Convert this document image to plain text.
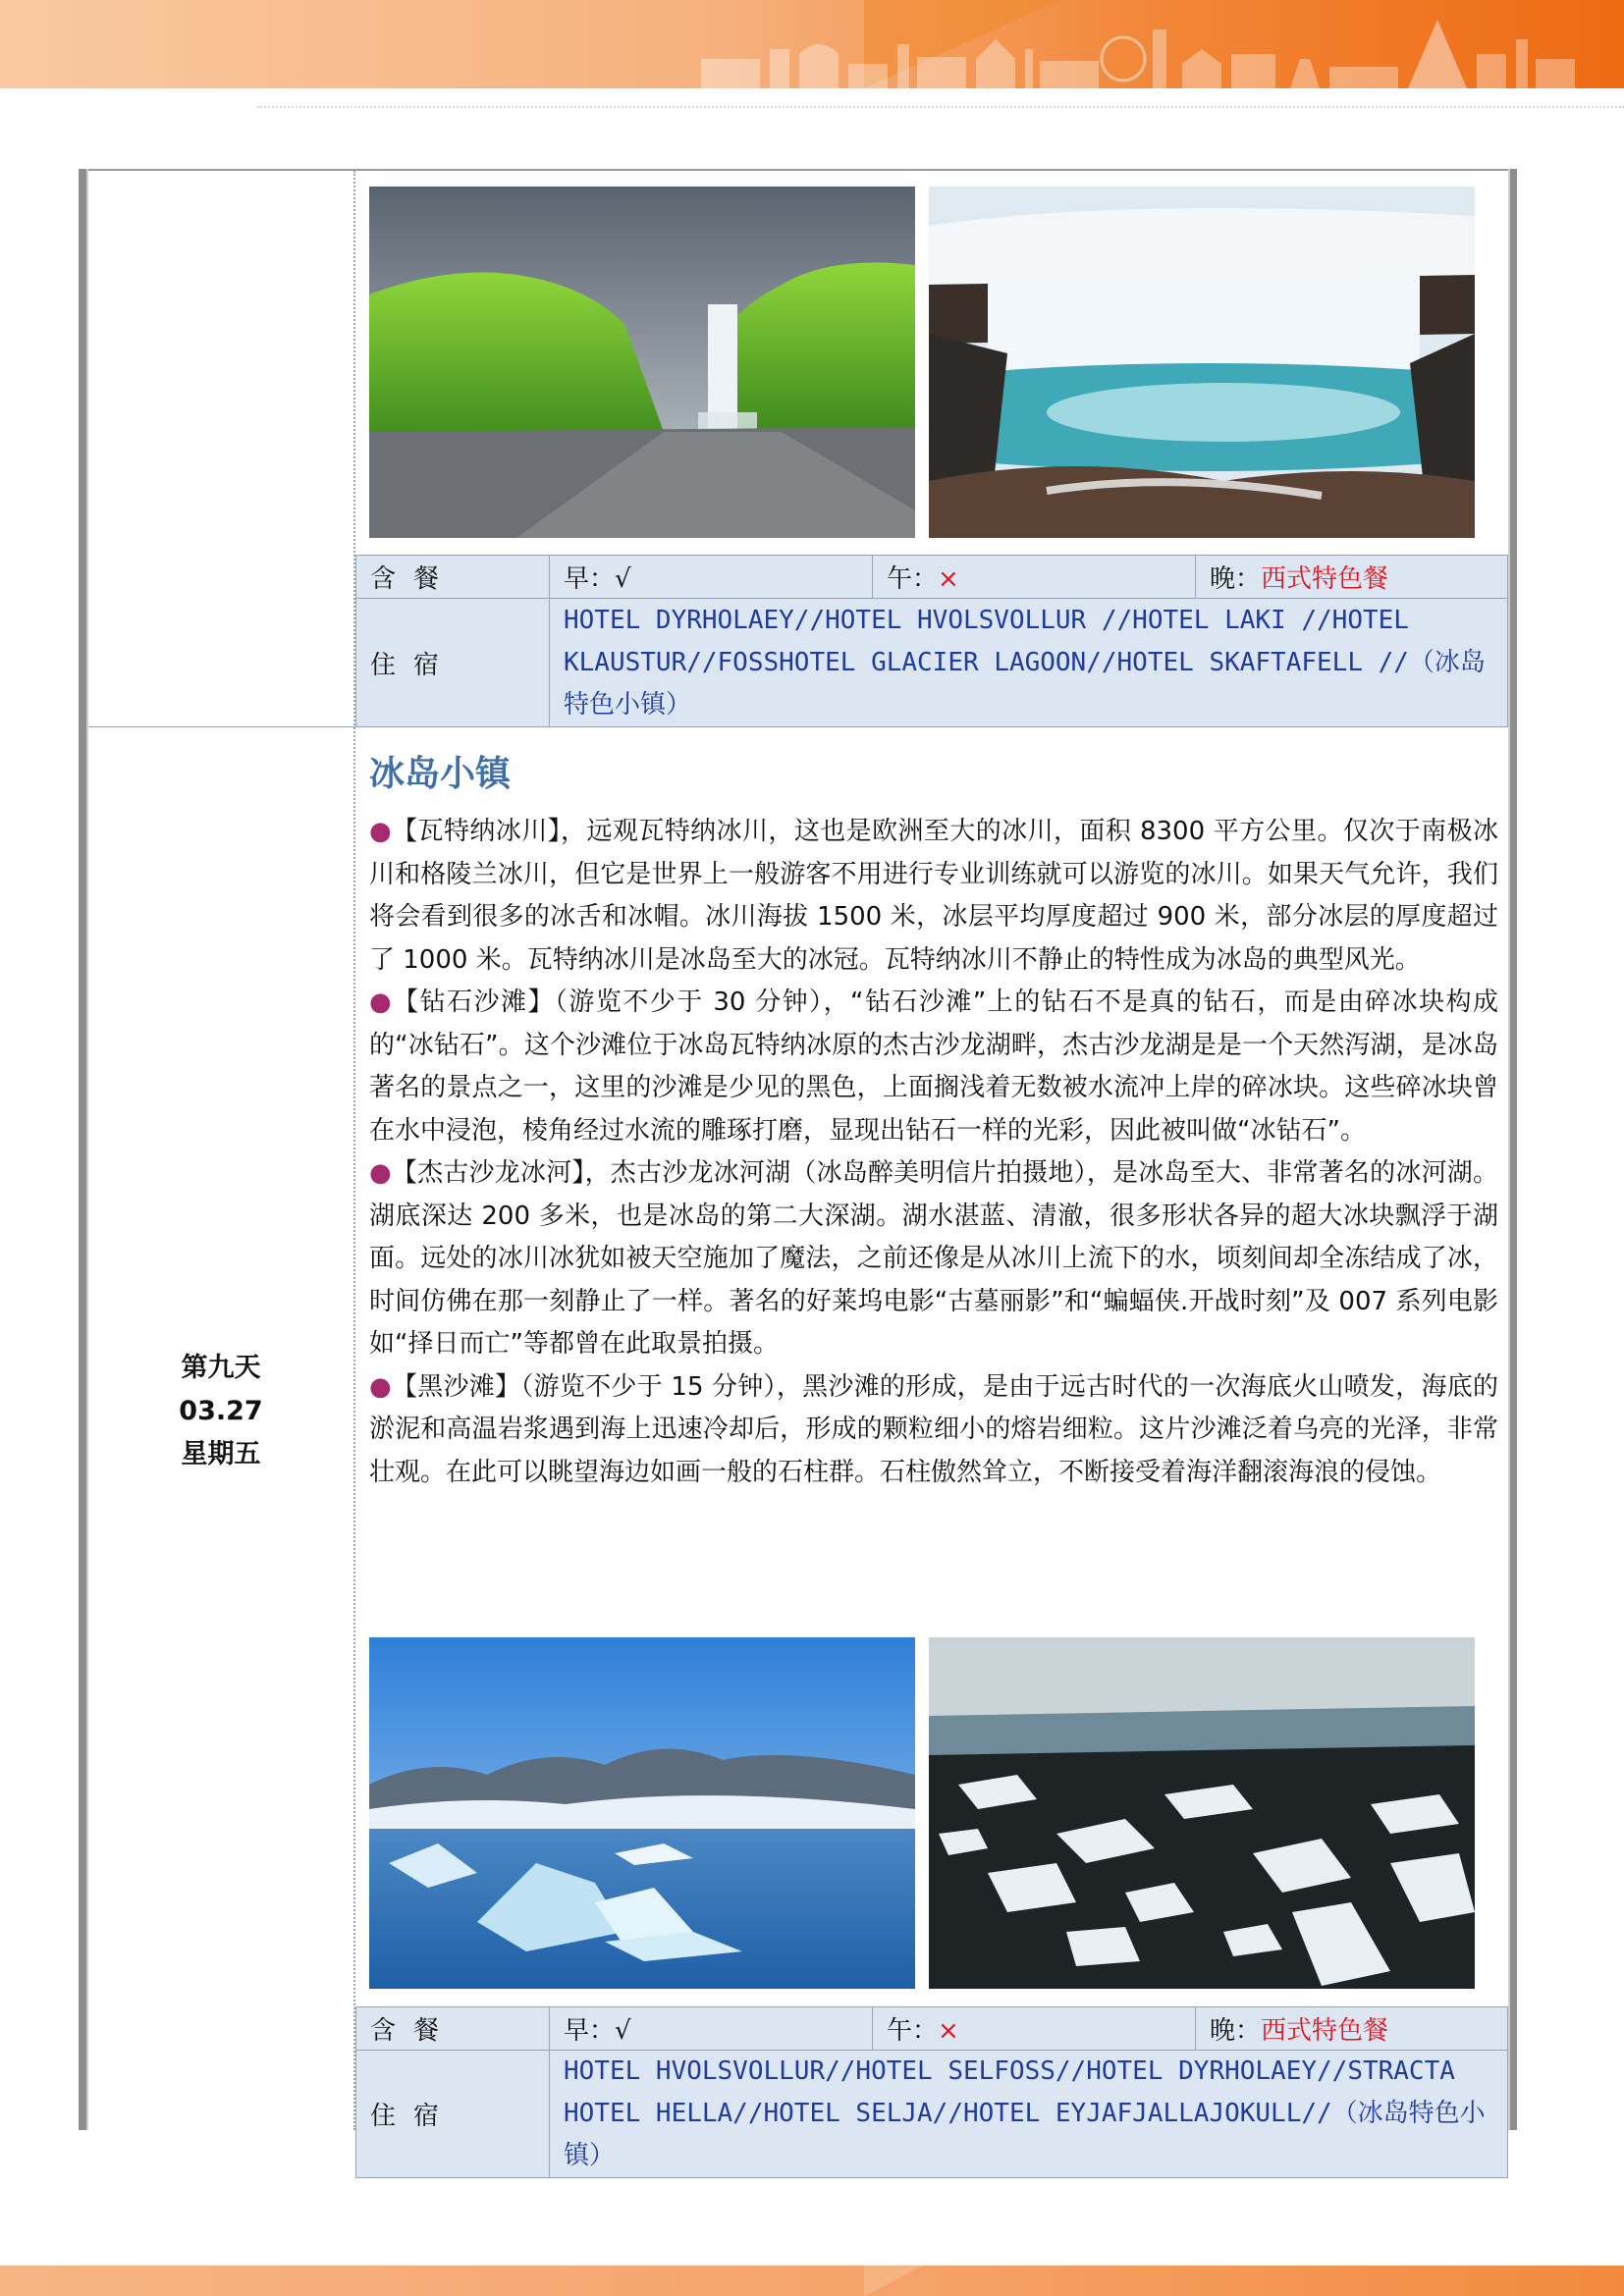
含餐	早：√	午：×	晚：西式特色餐
住宿	HOTEL DYRHOLAEY//HOTEL HVOLSVOLLUR //HOTEL LAKI //HOTEL KLAUSTUR//FOSSHOTEL GLACIER LAGOON//HOTEL SKAFTAFELL //（冰岛特色小镇）		
第九天
03.27
星期五
冰岛小镇

●【瓦特纳冰川】，远观瓦特纳冰川，这也是欧洲至大的冰川，面积 8300 平方公里。仅次于南极冰川和格陵兰冰川，但它是世界上一般游客不用进行专业训练就可以游览的冰川。如果天气允许，我们将会看到很多的冰舌和冰帽。冰川海拔 1500 米，冰层平均厚度超过 900 米，部分冰层的厚度超过了 1000 米。瓦特纳冰川是冰岛至大的冰冠。瓦特纳冰川不静止的特性成为冰岛的典型风光。

●【钻石沙滩】（游览不少于 30 分钟），“钻石沙滩”上的钻石不是真的钻石，而是由碎冰块构成的“冰钻石”。这个沙滩位于冰岛瓦特纳冰原的杰古沙龙湖畔，杰古沙龙湖是是一个天然泻湖，是冰岛著名的景点之一，这里的沙滩是少见的黑色，上面搁浅着无数被水流冲上岸的碎冰块。这些碎冰块曾在水中浸泡，棱角经过水流的雕琢打磨，显现出钻石一样的光彩，因此被叫做“冰钻石”。

●【杰古沙龙冰河】，杰古沙龙冰河湖（冰岛醉美明信片拍摄地），是冰岛至大、非常著名的冰河湖。湖底深达 200 多米，也是冰岛的第二大深湖。湖水湛蓝、清澈，很多形状各异的超大冰块飘浮于湖面。远处的冰川冰犹如被天空施加了魔法，之前还像是从冰川上流下的水，顷刻间却全冻结成了冰，时间仿佛在那一刻静止了一样。著名的好莱坞电影“古墓丽影”和“蝙蝠侠.开战时刻”及 007 系列电影如“择日而亡”等都曾在此取景拍摄。

●【黑沙滩】（游览不少于 15 分钟），黑沙滩的形成，是由于远古时代的一次海底火山喷发，海底的淤泥和高温岩浆遇到海上迅速冷却后，形成的颗粒细小的熔岩细粒。这片沙滩泛着乌亮的光泽，非常壮观。在此可以眺望海边如画一般的石柱群。石柱傲然耸立，不断接受着海洋翻滚海浪的侵蚀。

含餐	早：√	午：×	晚：西式特色餐
住宿	HOTEL HVOLSVOLLUR//HOTEL SELFOSS//HOTEL DYRHOLAEY//STRACTA HOTEL HELLA//HOTEL SELJA//HOTEL EYJAFJALLAJOKULL//（冰岛特色小镇）		
